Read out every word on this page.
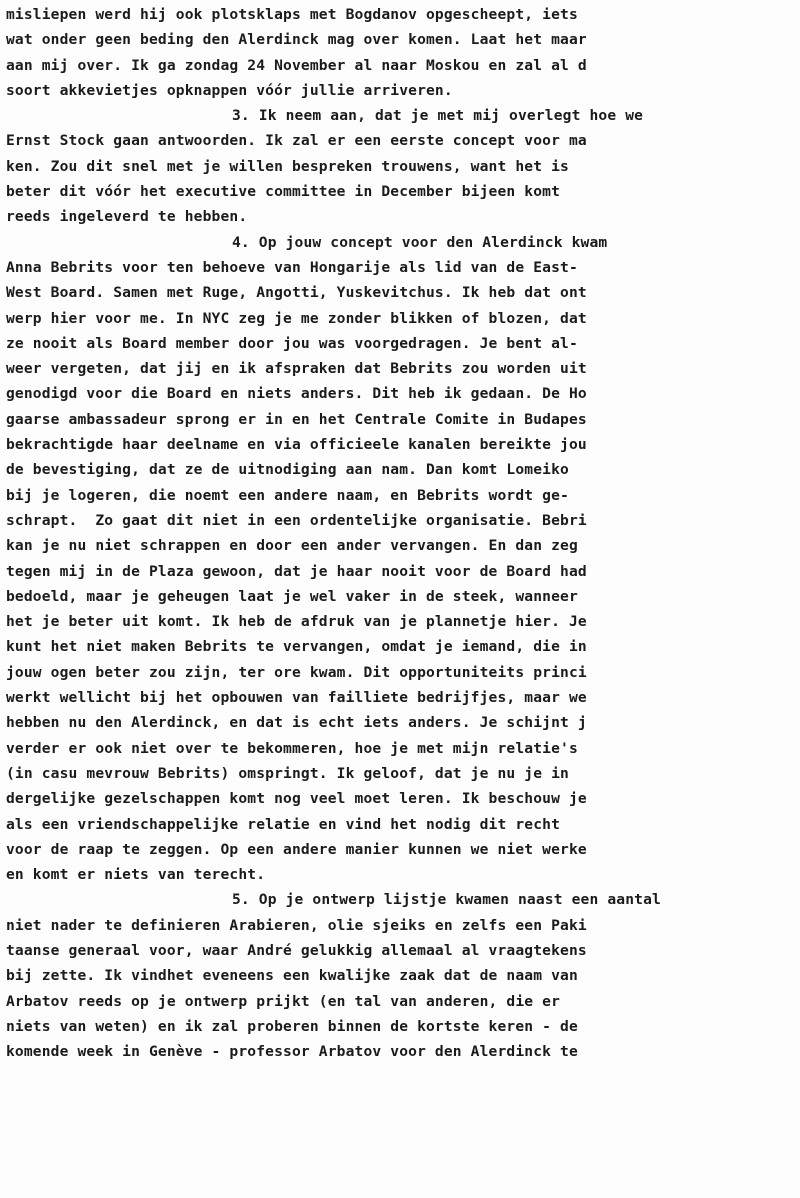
misliepen werd hij ook plotsklaps met Bogdanov opgescheept, iets
wat onder geen beding den Alerdinck mag over komen. Laat het maar
aan mij over. Ik ga zondag 24 November al naar Moskou en zal al d
soort akkevietjes opknappen vóór jullie arriveren.
3. Ik neem aan, dat je met mij overlegt hoe we
Ernst Stock gaan antwoorden. Ik zal er een eerste concept voor ma
ken. Zou dit snel met je willen bespreken trouwens, want het is
beter dit vóór het executive committee in December bijeen komt
reeds ingeleverd te hebben.
4. Op jouw concept voor den Alerdinck kwam
Anna Bebrits voor ten behoeve van Hongarije als lid van de East-
West Board. Samen met Ruge, Angotti, Yuskevitchus. Ik heb dat ont
werp hier voor me. In NYC zeg je me zonder blikken of blozen, dat
ze nooit als Board member door jou was voorgedragen. Je bent al-
weer vergeten, dat jij en ik afspraken dat Bebrits zou worden uit
genodigd voor die Board en niets anders. Dit heb ik gedaan. De Ho
gaarse ambassadeur sprong er in en het Centrale Comite in Budapes
bekrachtigde haar deelname en via officieele kanalen bereikte jou
de bevestiging, dat ze de uitnodiging aan nam. Dan komt Lomeiko
bij je logeren, die noemt een andere naam, en Bebrits wordt ge-
schrapt.  Zo gaat dit niet in een ordentelijke organisatie. Bebri
kan je nu niet schrappen en door een ander vervangen. En dan zeg
tegen mij in de Plaza gewoon, dat je haar nooit voor de Board had
bedoeld, maar je geheugen laat je wel vaker in de steek, wanneer
het je beter uit komt. Ik heb de afdruk van je plannetje hier. Je
kunt het niet maken Bebrits te vervangen, omdat je iemand, die in
jouw ogen beter zou zijn, ter ore kwam. Dit opportuniteits princi
werkt wellicht bij het opbouwen van failliete bedrijfjes, maar we
hebben nu den Alerdinck, en dat is echt iets anders. Je schijnt j
verder er ook niet over te bekommeren, hoe je met mijn relatie's
(in casu mevrouw Bebrits) omspringt. Ik geloof, dat je nu je in
dergelijke gezelschappen komt nog veel moet leren. Ik beschouw je
als een vriendschappelijke relatie en vind het nodig dit recht
voor de raap te zeggen. Op een andere manier kunnen we niet werke
en komt er niets van terecht.
5. Op je ontwerp lijstje kwamen naast een aantal
niet nader te definieren Arabieren, olie sjeiks en zelfs een Paki
taanse generaal voor, waar André gelukkig allemaal al vraagtekens
bij zette. Ik vindhet eveneens een kwalijke zaak dat de naam van
Arbatov reeds op je ontwerp prijkt (en tal van anderen, die er
niets van weten) en ik zal proberen binnen de kortste keren - de
komende week in Genève - professor Arbatov voor den Alerdinck te
